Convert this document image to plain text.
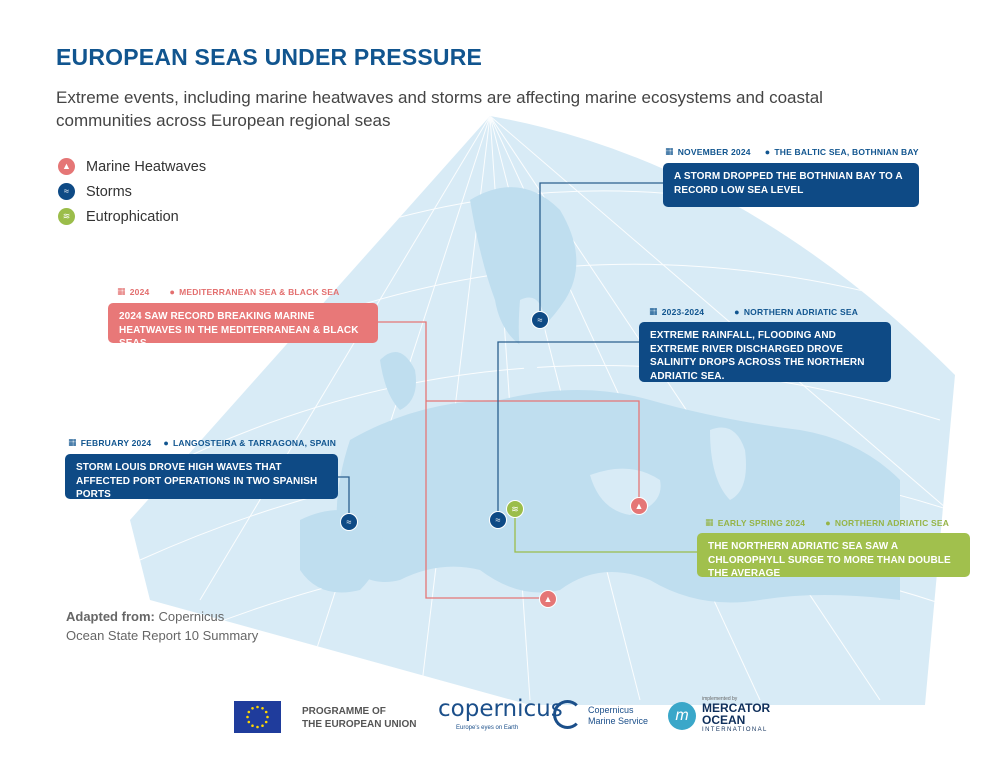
EUROPEAN SEAS UNDER PRESSURE

Extreme events, including marine heatwaves and storms are affecting marine ecosystems and coastal communities across European regional seas

▲ Marine Heatwaves
≈	Storms
≋	Eutrophication
▦ NOVEMBER 2024 ● THE BALTIC SEA, BOTHNIAN BAY
A STORM DROPPED THE BOTHNIAN BAY TO A RECORD LOW SEA LEVEL
▦ 2024 ● MEDITERRANEAN SEA & BLACK SEA
2024 SAW RECORD BREAKING MARINE HEATWAVES IN THE MEDITERRANEAN & BLACK SEAS
▦ 2023-2024	● NORTHERN ADRIATIC SEA
EXTREME RAINFALL, FLOODING AND EXTREME RIVER DISCHARGED DROVE SALINITY DROPS ACROSS THE NORTHERN ADRIATIC SEA.
▦ FEBRUARY 2024 ● LANGOSTEIRA & TARRAGONA, SPAIN
STORM LOUIS DROVE HIGH WAVES THAT AFFECTED PORT OPERATIONS IN TWO SPANISH PORTS
▦ EARLY SPRING 2024 ● NORTHERN ADRIATIC SEA
THE NORTHERN ADRIATIC SEA SAW A CHLOROPHYLL SURGE TO MORE THAN DOUBLE THE AVERAGE
≈
≈	≈
≋	▲
▲
Adapted from: Copernicus Ocean State Report 10 Summary
PROGRAMME OF
THE EUROPEAN UNION
copernicus
Europe's eyes on Earth
Copernicus
Marine Service	m
implemented by
MERCATOR
OCEAN
INTERNATIONAL
